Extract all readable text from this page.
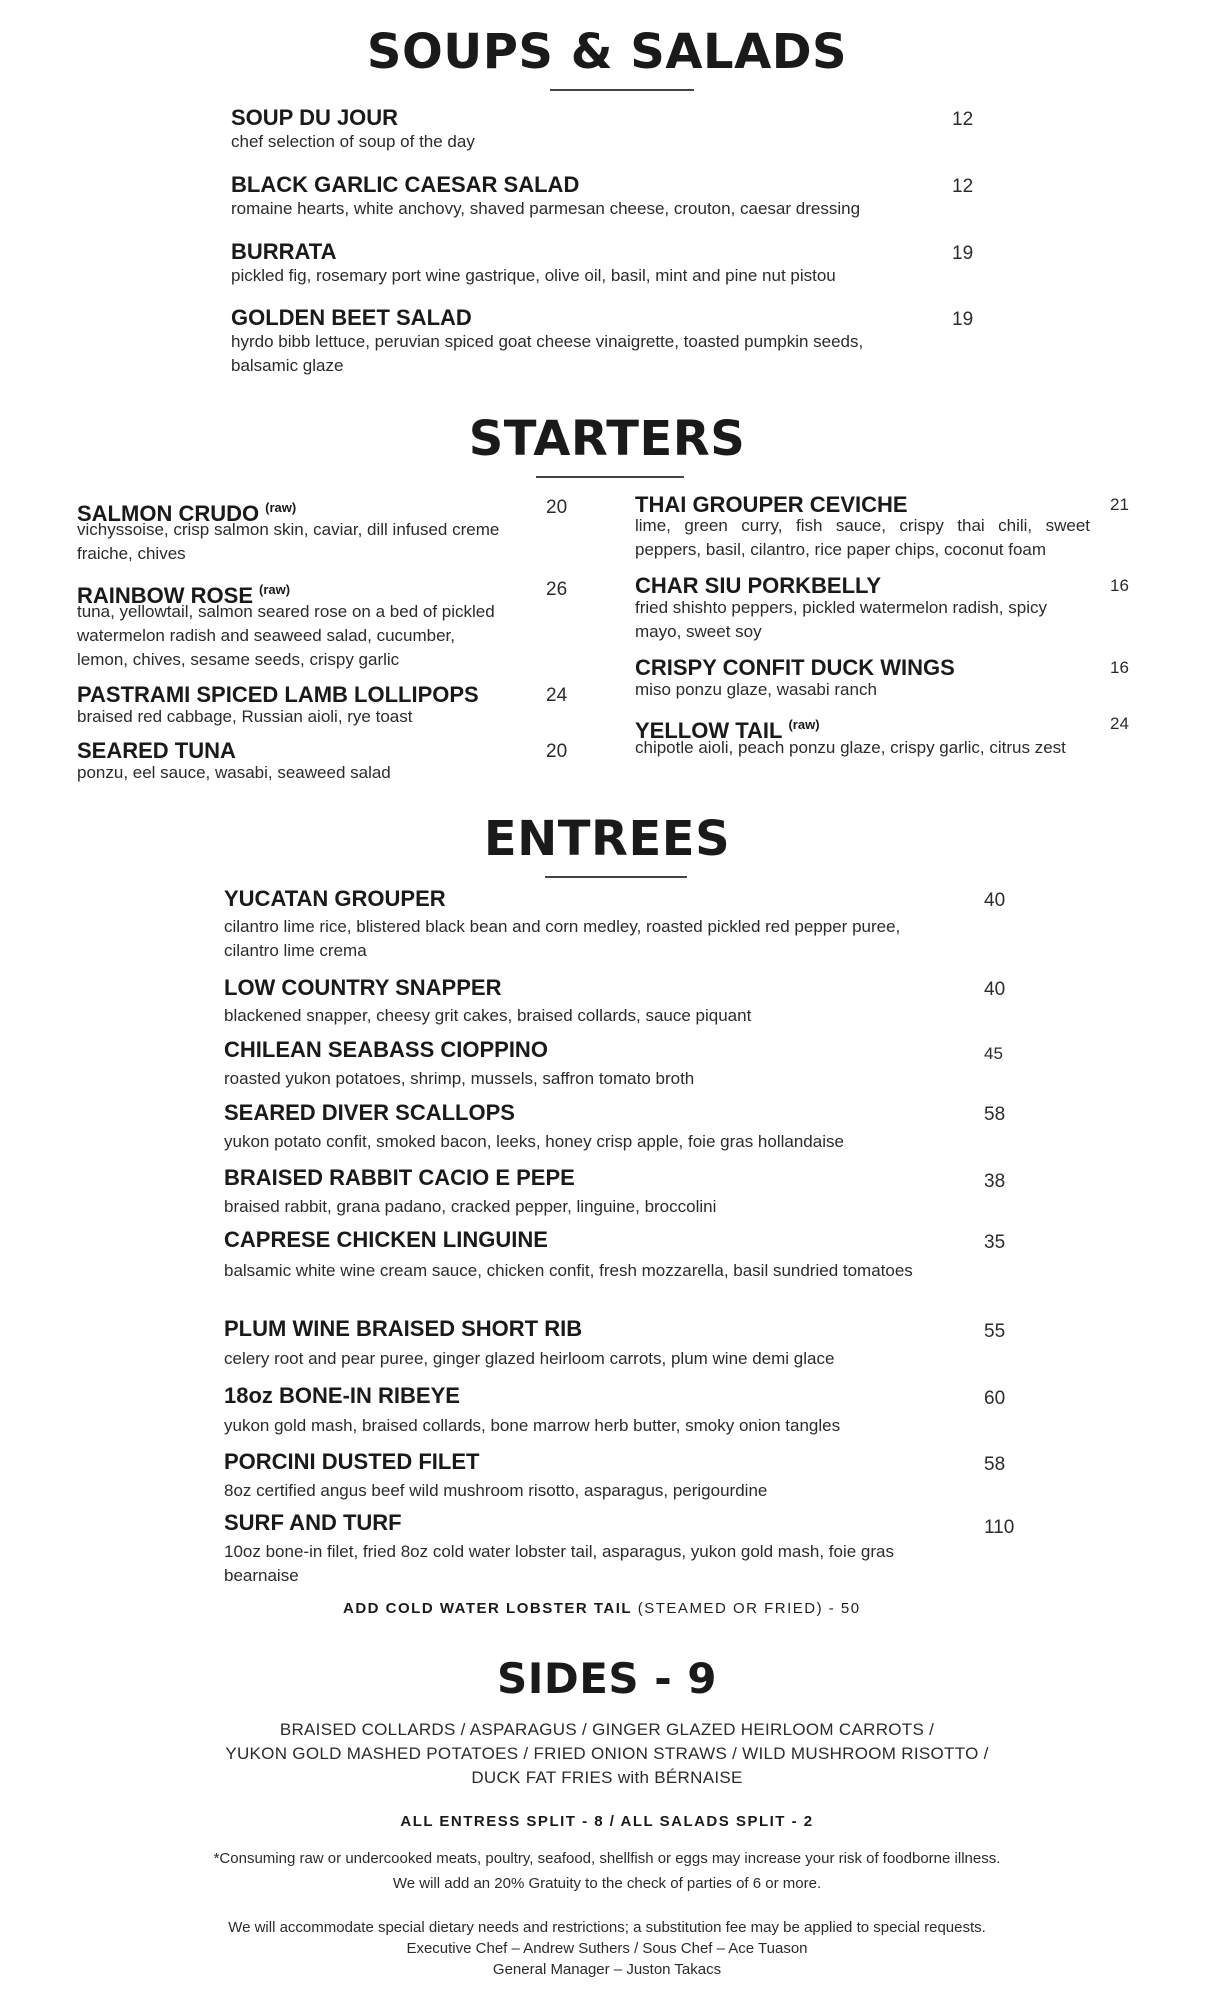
SOUPS & SALADS
SOUP DU JOUR
chef selection of soup of the day
12
BLACK GARLIC CAESAR SALAD
romaine hearts, white anchovy, shaved parmesan cheese, crouton, caesar dressing
12
BURRATA
pickled fig, rosemary port wine gastrique, olive oil, basil, mint and pine nut pistou
19
GOLDEN BEET SALAD
hyrdo bibb lettuce, peruvian spiced goat cheese vinaigrette, toasted pumpkin seeds, balsamic glaze
19
STARTERS
SALMON CRUDO $^{(raw)}$
vichyssoise, crisp salmon skin, caviar, dill infused creme fraiche, chives
20
RAINBOW ROSE $^{(raw)}$
tuna, yellowtail, salmon seared rose on a bed of pickled watermelon radish and seaweed salad, cucumber, lemon, chives, sesame seeds, crispy garlic
26
PASTRAMI SPICED LAMB LOLLIPOPS
braised red cabbage, Russian aioli, rye toast
24
SEARED TUNA
ponzu, eel sauce, wasabi, seaweed salad
20
THAI GROUPER CEVICHE
lime, green curry, fish sauce, crispy thai chili, sweet peppers, basil, cilantro, rice paper chips, coconut foam
21
CHAR SIU PORKBELLY
fried shishto peppers, pickled watermelon radish, spicy mayo, sweet soy
16
CRISPY CONFIT DUCK WINGS
miso ponzu glaze, wasabi ranch
16
YELLOW TAIL $^{(raw)}$
chipotle aioli, peach ponzu glaze, crispy garlic, citrus zest
24
ENTREES
YUCATAN GROUPER
cilantro lime rice, blistered black bean and corn medley, roasted pickled red pepper puree, cilantro lime crema
40
LOW COUNTRY SNAPPER
blackened snapper, cheesy grit cakes, braised collards, sauce piquant
40
CHILEAN SEABASS CIOPPINO
roasted yukon potatoes, shrimp, mussels, saffron tomato broth
45
SEARED DIVER SCALLOPS
yukon potato confit, smoked bacon, leeks, honey crisp apple, foie gras hollandaise
58
BRAISED RABBIT CACIO E PEPE
braised rabbit, grana padano, cracked pepper, linguine, broccolini
38
CAPRESE CHICKEN LINGUINE
balsamic white wine cream sauce, chicken confit, fresh mozzarella, basil sundried tomatoes
35
PLUM WINE BRAISED SHORT RIB
celery root and pear puree, ginger glazed heirloom carrots, plum wine demi glace
55
18oz BONE-IN RIBEYE
yukon gold mash, braised collards, bone marrow herb butter, smoky onion tangles
60
PORCINI DUSTED FILET
8oz certified angus beef wild mushroom risotto, asparagus, perigourdine
58
SURF AND TURF
10oz bone-in filet, fried 8oz cold water lobster tail, asparagus, yukon gold mash, foie gras bearnaise
110
ADD COLD WATER LOBSTER TAIL (STEAMED OR FRIED) - 50
SIDES - 9
BRAISED COLLARDS / ASPARAGUS / GINGER GLAZED HEIRLOOM CARROTS /
YUKON GOLD MASHED POTATOES / FRIED ONION STRAWS / WILD MUSHROOM RISOTTO /
DUCK FAT FRIES with BÉRNAISE
ALL ENTRESS SPLIT - 8 / ALL SALADS SPLIT - 2
*Consuming raw or undercooked meats, poultry, seafood, shellfish or eggs may increase your risk of foodborne illness.
We will add an 20% Gratuity to the check of parties of 6 or more.
We will accommodate special dietary needs and restrictions; a substitution fee may be applied to special requests.
Executive Chef – Andrew Suthers / Sous Chef – Ace Tuason
General Manager – Juston Takacs
